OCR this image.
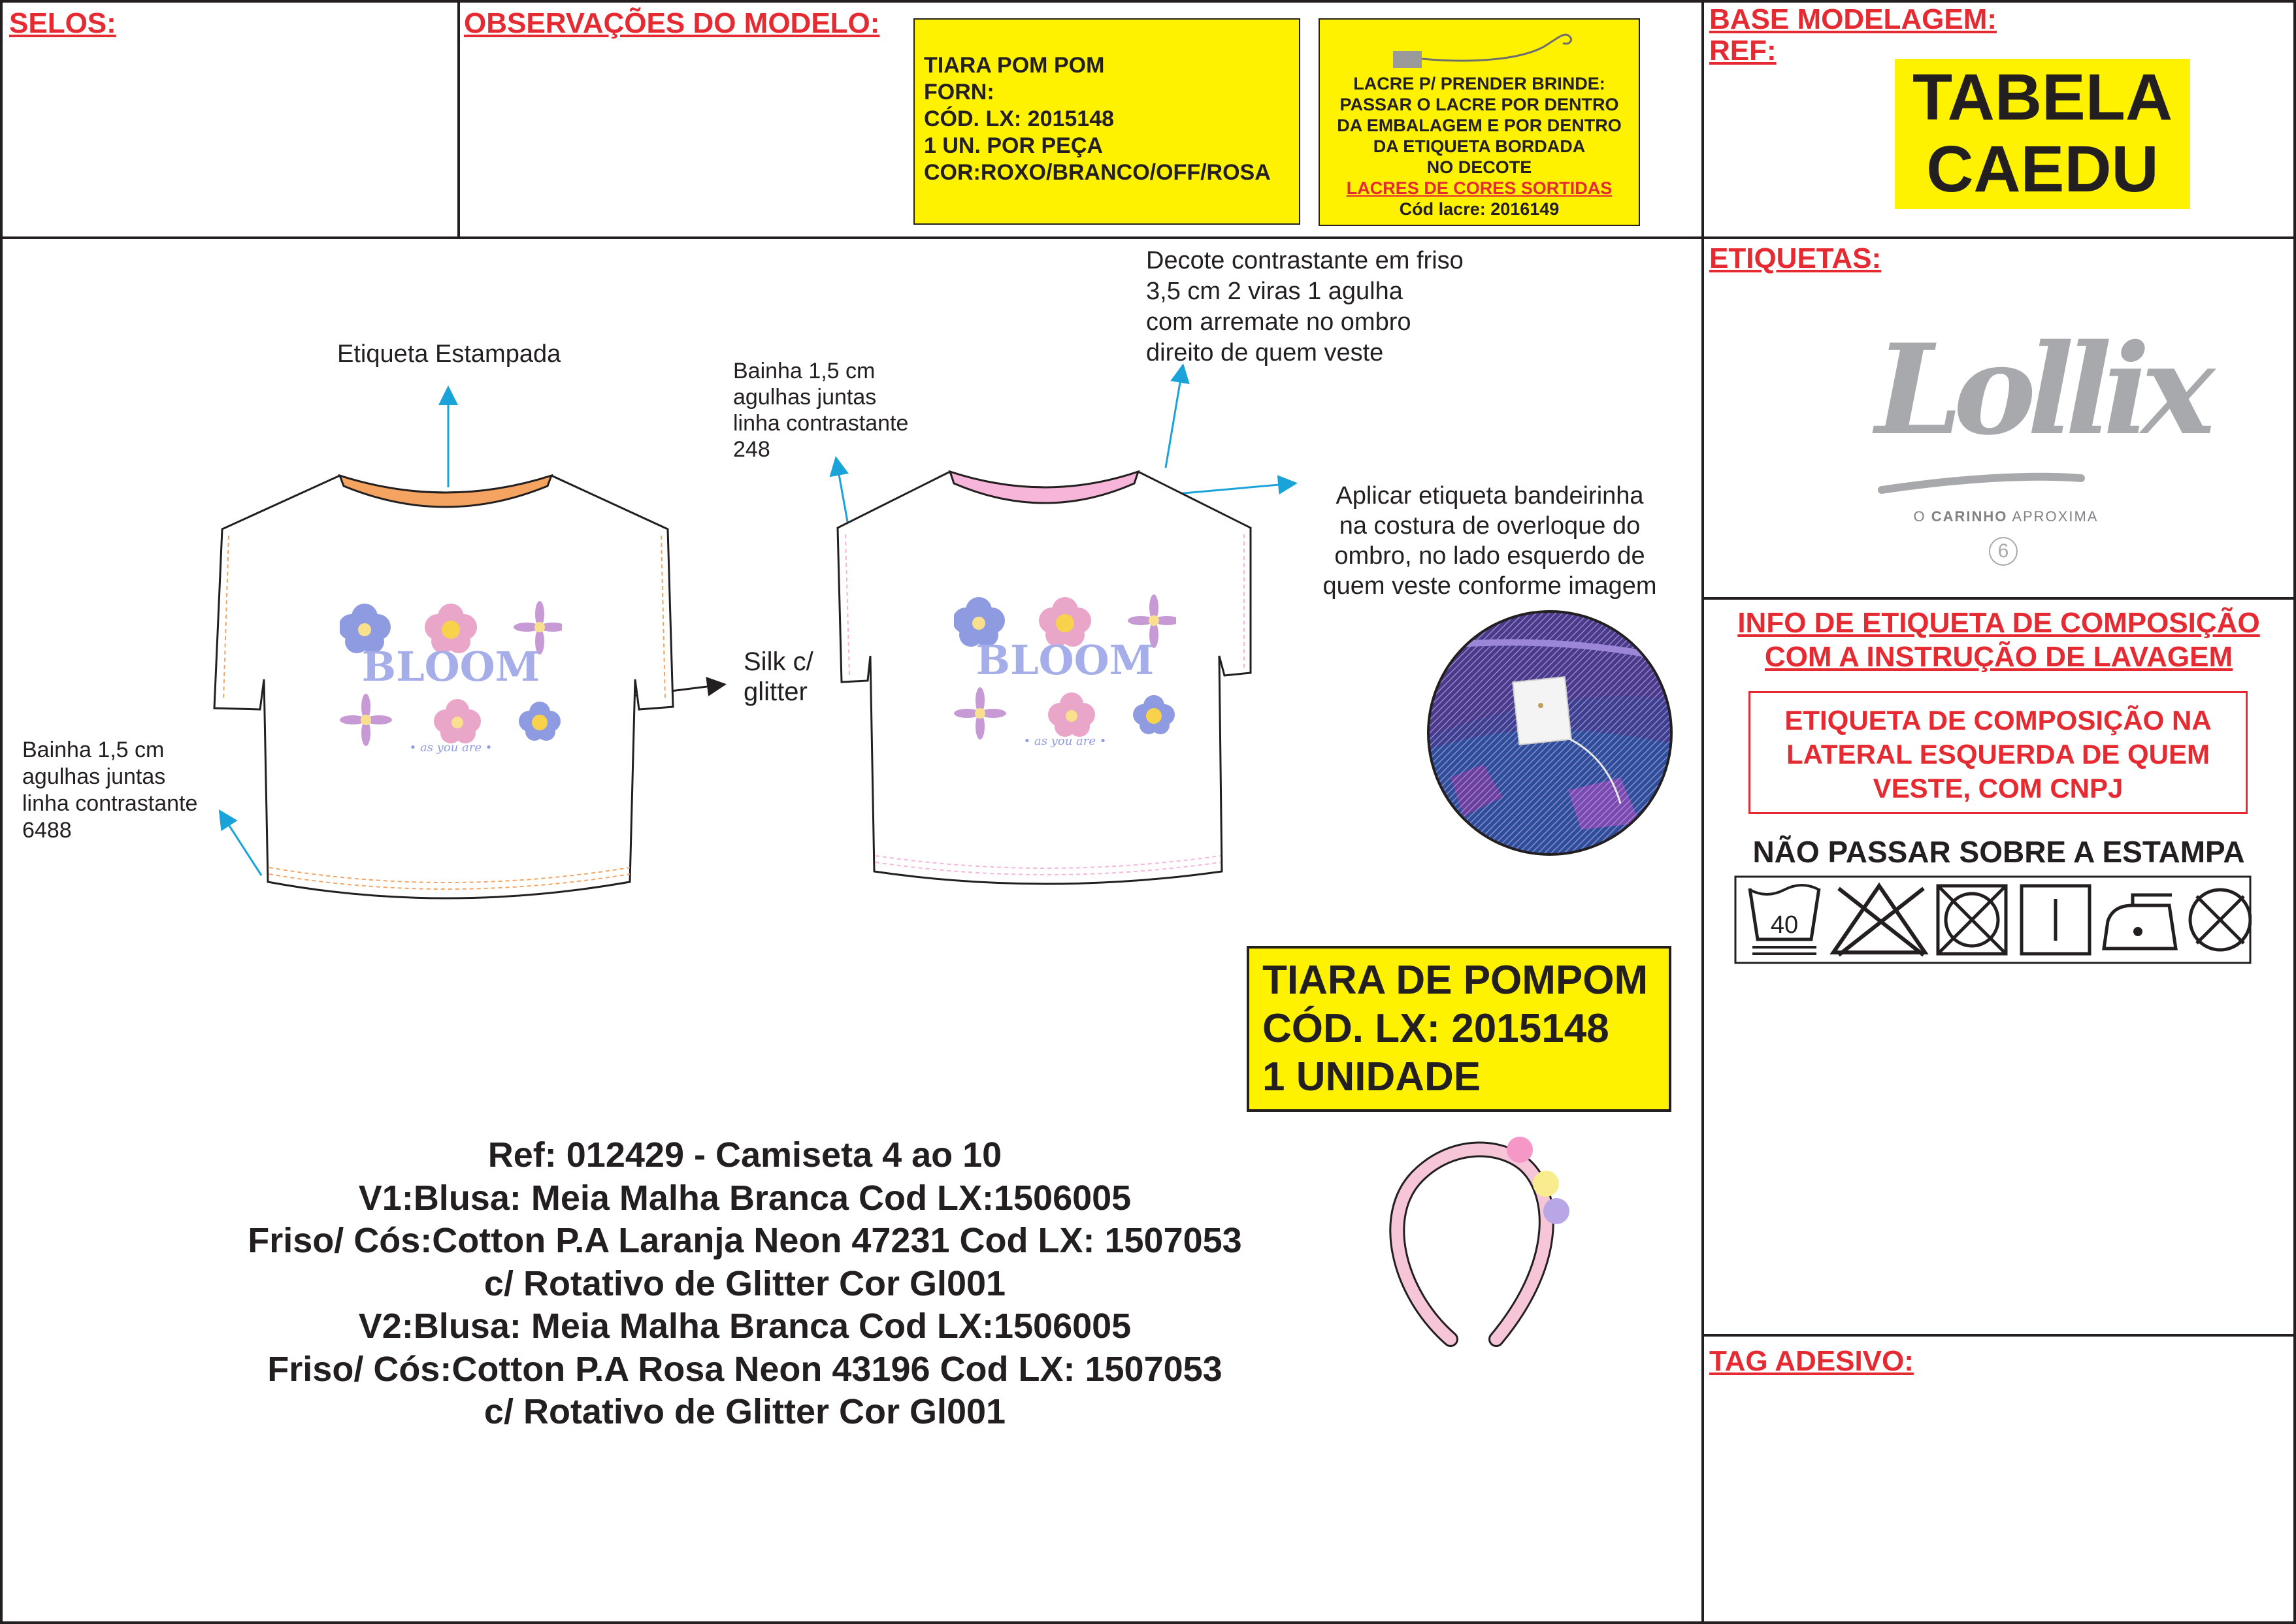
SELOS:	OBSERVAÇÕES DO MODELO:
TIARA POM POM
FORN:
CÓD. LX: 2015148
1 UN. POR PEÇA
COR:ROXO/BRANCO/OFF/ROSA
LACRE P/ PRENDER BRINDE:
PASSAR O LACRE POR DENTRO
DA EMBALAGEM E POR DENTRO
DA ETIQUETA BORDADA
NO DECOTE
LACRES DE CORES SORTIDAS
Cód lacre: 2016149
BASE MODELAGEM:
REF:
TABELA
CAEDU
ETIQUETAS:
Lollix
O CARINHO APROXIMA
6
INFO DE ETIQUETA DE COMPOSIÇÃO
COM A INSTRUÇÃO DE LAVAGEM
ETIQUETA DE COMPOSIÇÃO NA
LATERAL ESQUERDA DE QUEM
VESTE, COM CNPJ
NÃO PASSAR SOBRE A ESTAMPA
40
TAG ADESIVO:
Etiqueta Estampada
Bainha 1,5 cm
agulhas juntas
linha contrastante
248
Decote contrastante em friso
3,5 cm 2 viras 1 agulha
com arremate no ombro
direito de quem veste
Aplicar etiqueta bandeirinha
na costura de overloque do
ombro, no lado esquerdo de
quem veste conforme imagem
Silk c/
glitter
Bainha 1,5 cm
agulhas juntas
linha contrastante
6488
BLOOM
• as you are •
BLOOM
• as you are •
TIARA DE POMPOM
CÓD. LX: 2015148
1 UNIDADE
Ref: 012429 - Camiseta 4 ao 10
V1:Blusa: Meia Malha Branca Cod LX:1506005
Friso/ Cós:Cotton P.A Laranja Neon 47231 Cod LX: 1507053
c/ Rotativo de Glitter Cor Gl001
V2:Blusa: Meia Malha Branca Cod LX:1506005
Friso/ Cós:Cotton P.A Rosa Neon 43196 Cod LX: 1507053
c/ Rotativo de Glitter Cor Gl001
